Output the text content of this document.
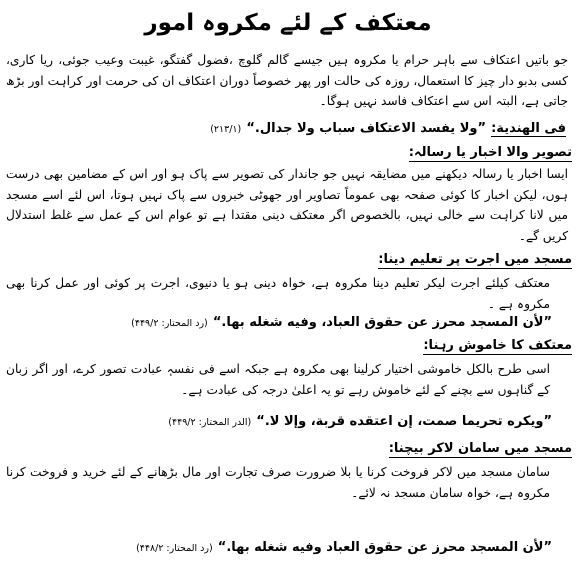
معتکف کے لئے مکروہ امور
جو باتیں اعتکاف سے باہر حرام یا مکروہ ہیں جیسے گالم گلوچ ،فضول گفتگو، غیبت وعیب جوئی، ریا کاری، کسی بدبو دار چیز کا استعمال، روزہ کی حالت اور پھر خصوصاً دوران اعتکاف ان کی حرمت اور کراہت اور بڑھ جاتی ہے، البتہ اس سے اعتکاف فاسد نہیں ہوگا۔
فی الهندية: ”ولا يفسد الاعتكاف سباب ولا جدال.“ (۲۱۳/۱)
تصویر والا اخبار یا رسالہ:
ایسا اخبار یا رسالہ دیکھنے میں مضایقہ نہیں جو جاندار کی تصویر سے پاک ہو اور اس کے مضامین بھی درست ہوں، لیکن اخبار کا کوئی صفحہ بھی عموماً تصاویر اور جھوٹی خبروں سے پاک نہیں ہوتا، اس لئے اسے مسجد میں لانا کراہت سے خالی نہیں، بالخصوص اگر معتکف دینی مقتدا ہے تو عوام اس کے عمل سے غلط استدلال کریں گے۔
مسجد میں اجرت پر تعلیم دینا:
معتکف کیلئے اجرت لیکر تعلیم دینا مکروہ ہے، خواہ دینی ہو یا دنیوی، اجرت پر کوئی اور عمل کرنا بھی مکروہ ہے ۔
”لأن المسجد محرز عن حقوق العباد، وفيه شغله بها.“ (رد المحتار: ۴۴۹/۲)
معتکف کا خاموش رہنا:
اسی طرح بالکل خاموشی اختیار کرلینا بھی مکروہ ہے جبکہ اسے فی نفسہٖ عبادت تصور کرے، اور اگر زبان کے گناہوں سے بچنے کے لئے خاموش رہے تو یہ اعلیٰ درجہ کی عبادت ہے۔
”ويكره تحريما صمت، إن اعتقده قربة، وإلا لا.“ (الدر المختار: ۴۴۹/۲)
مسجد میں سامان لاکر بیچنا:
سامان مسجد میں لاکر فروخت کرنا یا بلا ضرورت صرف تجارت اور مال بڑھانے کے لئے خرید و فروخت کرنا مکروہ ہے، خواہ سامان مسجد نہ لائے۔
”لأن المسجد محرز عن حقوق العباد وفيه شغله بها.“ (رد المحتار: ۴۴۸/۲)
